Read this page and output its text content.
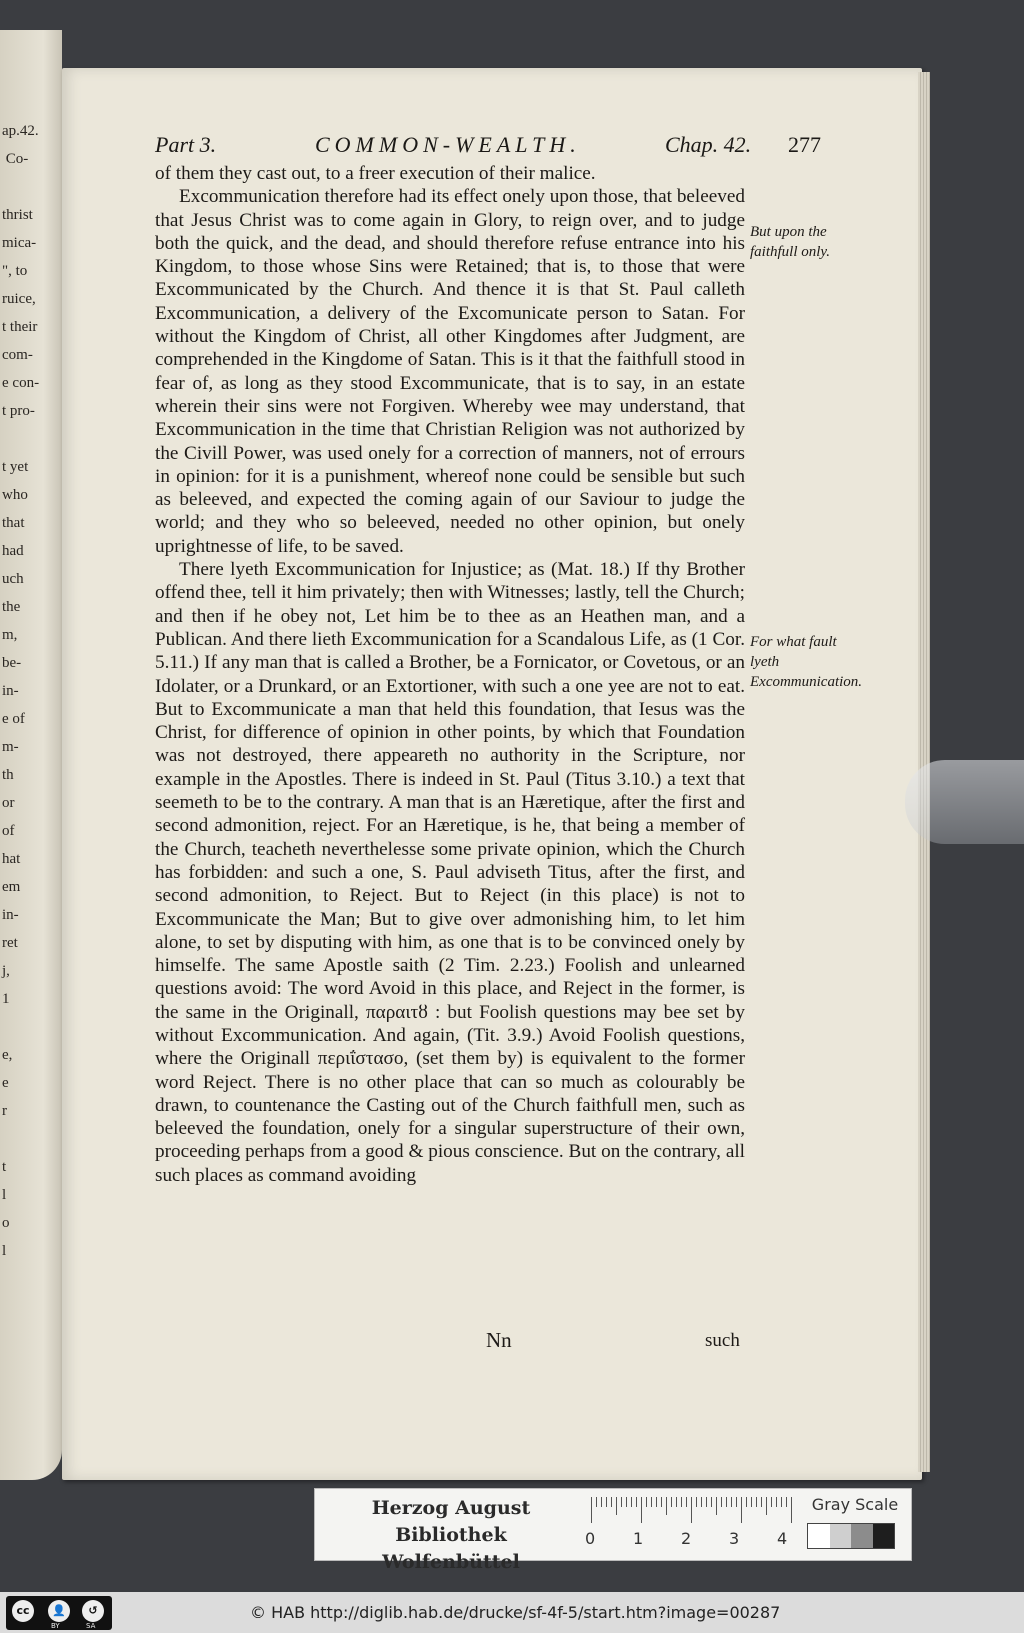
ap.42.
Co-
thrist
mica-
", to
ruice,
t their
com-
e con-
t pro-
t yet
who
that
had
uch
the
m,
be-
in-
e of
m-
th
or
of
hat
em
in-
ret
j,
1
e,
e
r
t
l
o
l
Part 3.	COMMON-WEALTH.	Chap. 42. 277

of them they cast out, to a freer execution of their malice.

Excommunication therefore had its effect onely upon those, that beleeved that Jesus Christ was to come again in Glory, to reign over, and to judge both the quick, and the dead, and should therefore refuse entrance into his Kingdom, to those whose Sins were Retained; that is, to those that were Excommunicated by the Church. And thence it is that St. Paul calleth Excommunication, a delivery of the Excomunicate person to Satan. For without the Kingdom of Christ, all other Kingdomes after Judgment, are comprehended in the Kingdome of Satan. This is it that the faithfull stood in fear of, as long as they stood Excommunicate, that is to say, in an estate wherein their sins were not Forgiven. Whereby wee may understand, that Excommunication in the time that Christian Religion was not authorized by the Civill Power, was used onely for a correction of manners, not of errours in opinion: for it is a punishment, whereof none could be sensible but such as beleeved, and expected the coming again of our Saviour to judge the world; and they who so beleeved, needed no other opinion, but onely uprightnesse of life, to be saved.

There lyeth Excommunication for Injustice; as (Mat. 18.) If thy Brother offend thee, tell it him privately; then with Witnesses; lastly, tell the Church; and then if he obey not, Let him be to thee as an Heathen man, and a Publican. And there lieth Excommunication for a Scandalous Life, as (1 Cor. 5.11.) If any man that is called a Brother, be a Fornicator, or Covetous, or an Idolater, or a Drunkard, or an Extortioner, with such a one yee are not to eat. But to Excommunicate a man that held this foundation, that Iesus was the Christ, for difference of opinion in other points, by which that Foundation was not destroyed, there appeareth no authority in the Scripture, nor example in the Apostles. There is indeed in St. Paul (Titus 3.10.) a text that seemeth to be to the contrary. A man that is an Hæretique, after the first and second admonition, reject. For an Hæretique, is he, that being a member of the Church, teacheth neverthelesse some private opinion, which the Church has forbidden: and such a one, S. Paul adviseth Titus, after the first, and second admonition, to Reject. But to Reject (in this place) is not to Excommunicate the Man; But to give over admonishing him, to let him alone, to set by disputing with him, as one that is to be convinced onely by himselfe. The same Apostle saith (2 Tim. 2.23.) Foolish and unlearned questions avoid: The word Avoid in this place, and Reject in the former, is the same in the Originall, παραιτȣ : but Foolish questions may bee set by without Excommunication. And again, (Tit. 3.9.) Avoid Foolish questions, where the Originall περιΐστασο, (set them by) is equivalent to the former word Reject. There is no other place that can so much as colourably be drawn, to countenance the Casting out of the Church faithfull men, such as beleeved the foundation, onely for a singular superstructure of their own, proceeding perhaps from a good & pious conscience. But on the contrary, all such places as command avoiding

But upon the faithfull only.
For what fault lyeth Excommunication.
Nn	such
Herzog August Bibliothek
Wolfenbüttel
0 1 2 3 4
Gray Scale
cc	👤	↺
BY	SA
© HAB http://diglib.hab.de/drucke/sf-4f-5/start.htm?image=00287
